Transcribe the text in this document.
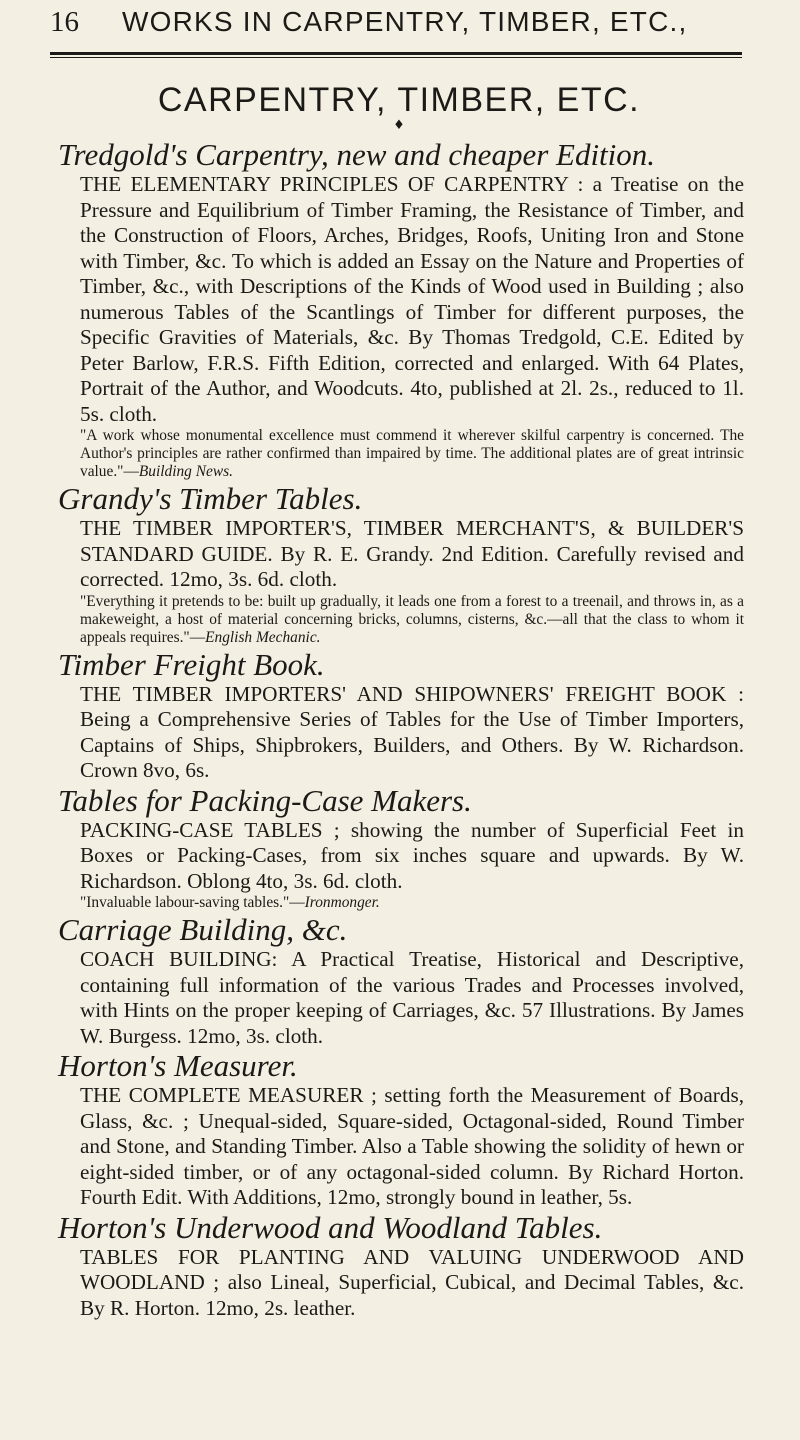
16	WORKS IN CARPENTRY, TIMBER, ETC.,
CARPENTRY, TIMBER, ETC.
♦
Tredgold's Carpentry, new and cheaper Edition.
THE ELEMENTARY PRINCIPLES OF CARPENTRY : a Treatise on the Pressure and Equilibrium of Timber Framing, the Resistance of Timber, and the Construction of Floors, Arches, Bridges, Roofs, Uniting Iron and Stone with Timber, &c. To which is added an Essay on the Nature and Properties of Timber, &c., with Descriptions of the Kinds of Wood used in Building ; also numerous Tables of the Scantlings of Timber for different purposes, the Specific Gravities of Materials, &c. By Thomas Tredgold, C.E. Edited by Peter Barlow, F.R.S. Fifth Edition, corrected and enlarged. With 64 Plates, Portrait of the Author, and Woodcuts. 4to, published at 2l. 2s., reduced to 1l. 5s. cloth.
"A work whose monumental excellence must commend it wherever skilful carpentry is concerned. The Author's principles are rather confirmed than impaired by time. The additional plates are of great intrinsic value."—Building News.
Grandy's Timber Tables.
THE TIMBER IMPORTER'S, TIMBER MERCHANT'S, & BUILDER'S STANDARD GUIDE. By R. E. Grandy. 2nd Edition. Carefully revised and corrected. 12mo, 3s. 6d. cloth.
"Everything it pretends to be: built up gradually, it leads one from a forest to a treenail, and throws in, as a makeweight, a host of material concerning bricks, columns, cisterns, &c.—all that the class to whom it appeals requires."—English Mechanic.
Timber Freight Book.
THE TIMBER IMPORTERS' AND SHIPOWNERS' FREIGHT BOOK : Being a Comprehensive Series of Tables for the Use of Timber Importers, Captains of Ships, Shipbrokers, Builders, and Others. By W. Richardson. Crown 8vo, 6s.
Tables for Packing-Case Makers.
PACKING-CASE TABLES ; showing the number of Superficial Feet in Boxes or Packing-Cases, from six inches square and upwards. By W. Richardson. Oblong 4to, 3s. 6d. cloth.
"Invaluable labour-saving tables."—Ironmonger.
Carriage Building, &c.
COACH BUILDING: A Practical Treatise, Historical and Descriptive, containing full information of the various Trades and Processes involved, with Hints on the proper keeping of Carriages, &c. 57 Illustrations. By James W. Burgess. 12mo, 3s. cloth.
Horton's Measurer.
THE COMPLETE MEASURER ; setting forth the Measurement of Boards, Glass, &c. ; Unequal-sided, Square-sided, Octagonal-sided, Round Timber and Stone, and Standing Timber. Also a Table showing the solidity of hewn or eight-sided timber, or of any octagonal-sided column. By Richard Horton. Fourth Edit. With Additions, 12mo, strongly bound in leather, 5s.
Horton's Underwood and Woodland Tables.
TABLES FOR PLANTING AND VALUING UNDERWOOD AND WOODLAND ; also Lineal, Superficial, Cubical, and Decimal Tables, &c. By R. Horton. 12mo, 2s. leather.
